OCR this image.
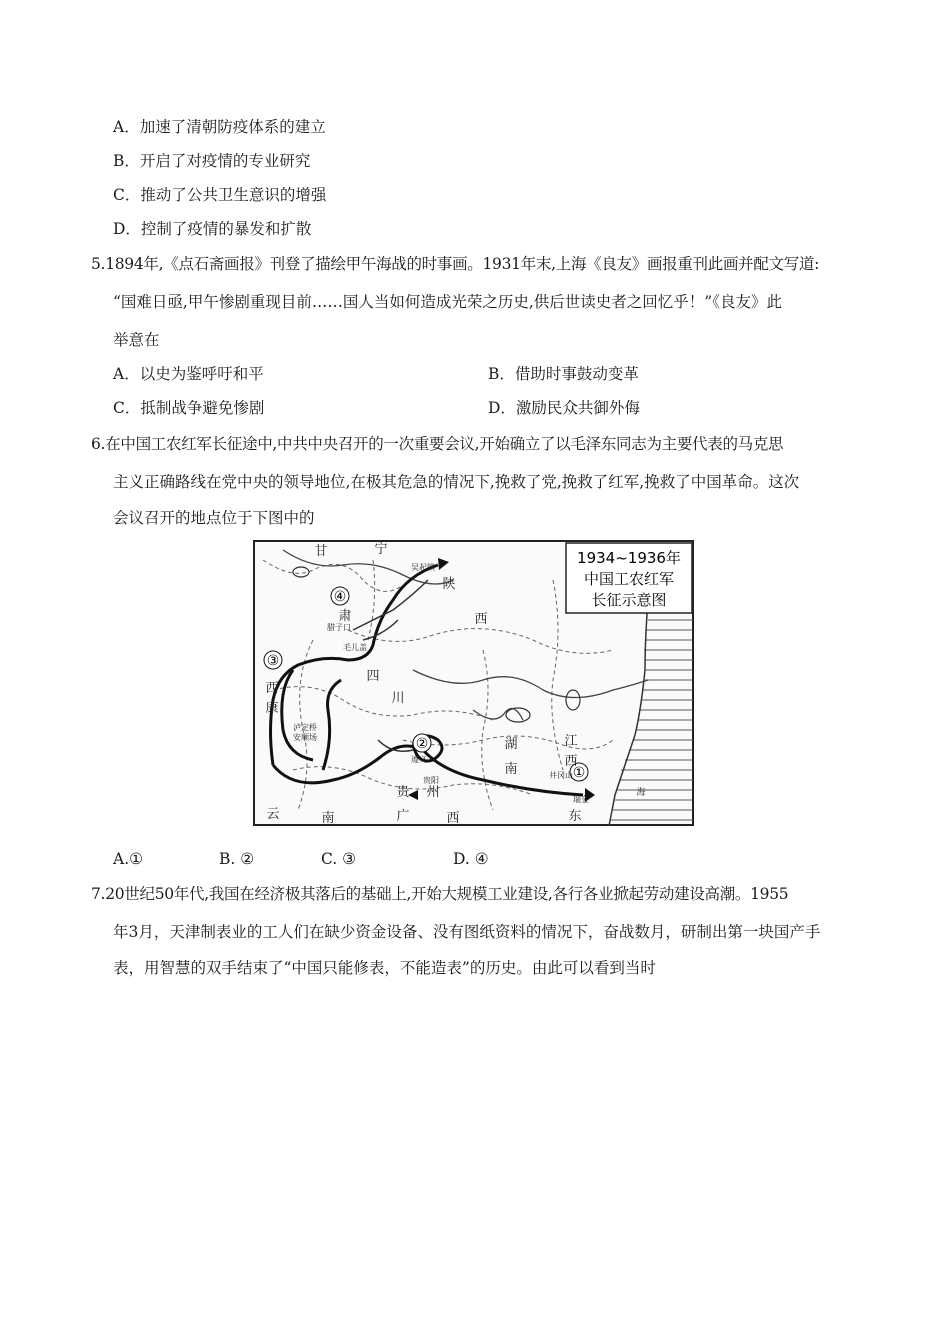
A．加速了清朝防疫体系的建立
B．开启了对疫情的专业研究
C．推动了公共卫生意识的增强
D．控制了疫情的暴发和扩散
5.1894年,《点石斋画报》刊登了描绘甲午海战的时事画。1931年末,上海《良友》画报重刊此画并配文写道:
“国难日亟,甲午惨剧重现目前……国人当如何造成光荣之历史,供后世读史者之回忆乎！”《良友》此
举意在
A．以史为鉴呼吁和平	B．借助时事鼓动变革
C．抵制战争避免惨剧	D．激励民众共御外侮
6.在中国工农红军长征途中,中共中央召开的一次重要会议,开始确立了以毛泽东同志为主要代表的马克思
主义正确路线在党中央的领导地位,在极其危急的情况下,挽救了党,挽救了红军,挽救了中国革命。这次
会议召开的地点位于下图中的
1934~1936年
中国工农红军
长征示意图
①
②
③
④
甘	宁
陕
西
肃
西
康
四
川
湖
南
江
西
贵 州
云	南	广	西	东
海
吴起镇
腊子口
毛儿盖
泸定桥
安顺场
遵义
贵阳
井冈山
瑞金
A.①	B. ②	C. ③	D. ④
7.20世纪50年代,我国在经济极其落后的基础上,开始大规模工业建设,各行各业掀起劳动建设高潮。1955
年3月，天津制表业的工人们在缺少资金设备、没有图纸资料的情况下，奋战数月，研制出第一块国产手
表，用智慧的双手结束了“中国只能修表，不能造表”的历史。由此可以看到当时
